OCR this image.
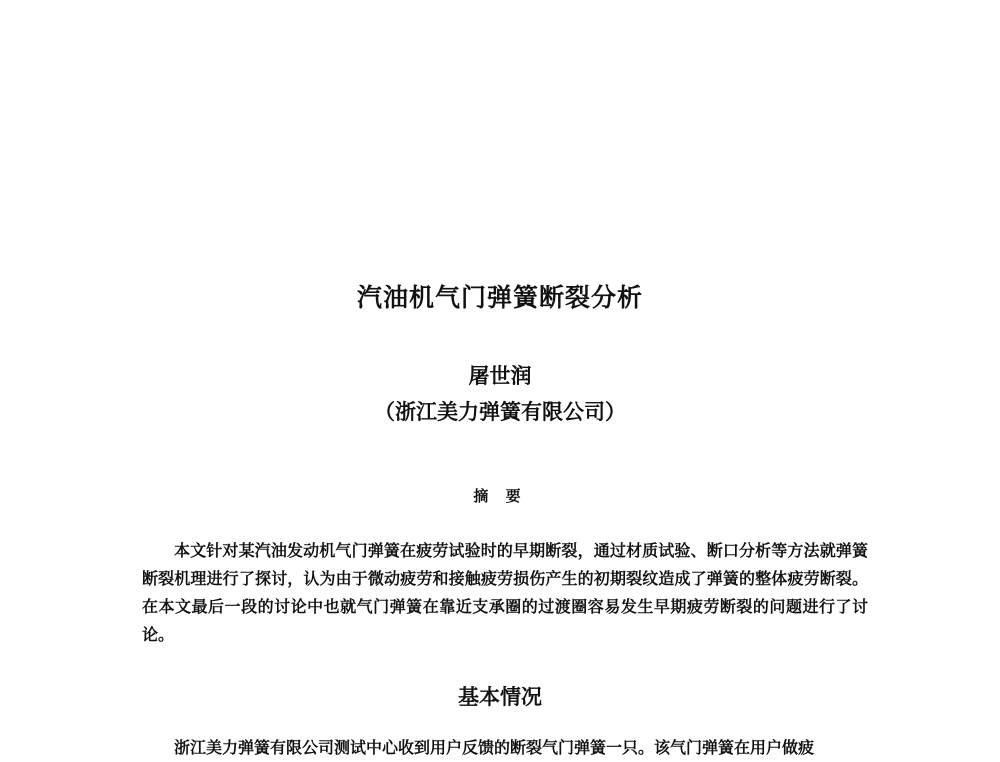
汽油机气门弹簧断裂分析
屠世润
（浙江美力弹簧有限公司）
摘 要

本文针对某汽油发动机气门弹簧在疲劳试验时的早期断裂，通过材质试验、断口分析等方法就弹簧断裂机理进行了探讨，认为由于微动疲劳和接触疲劳损伤产生的初期裂纹造成了弹簧的整体疲劳断裂。在本文最后一段的讨论中也就气门弹簧在靠近支承圈的过渡圈容易发生早期疲劳断裂的问题进行了讨论。

基本情况

浙江美力弹簧有限公司测试中心收到用户反馈的断裂气门弹簧一只。该气门弹簧在用户做疲
